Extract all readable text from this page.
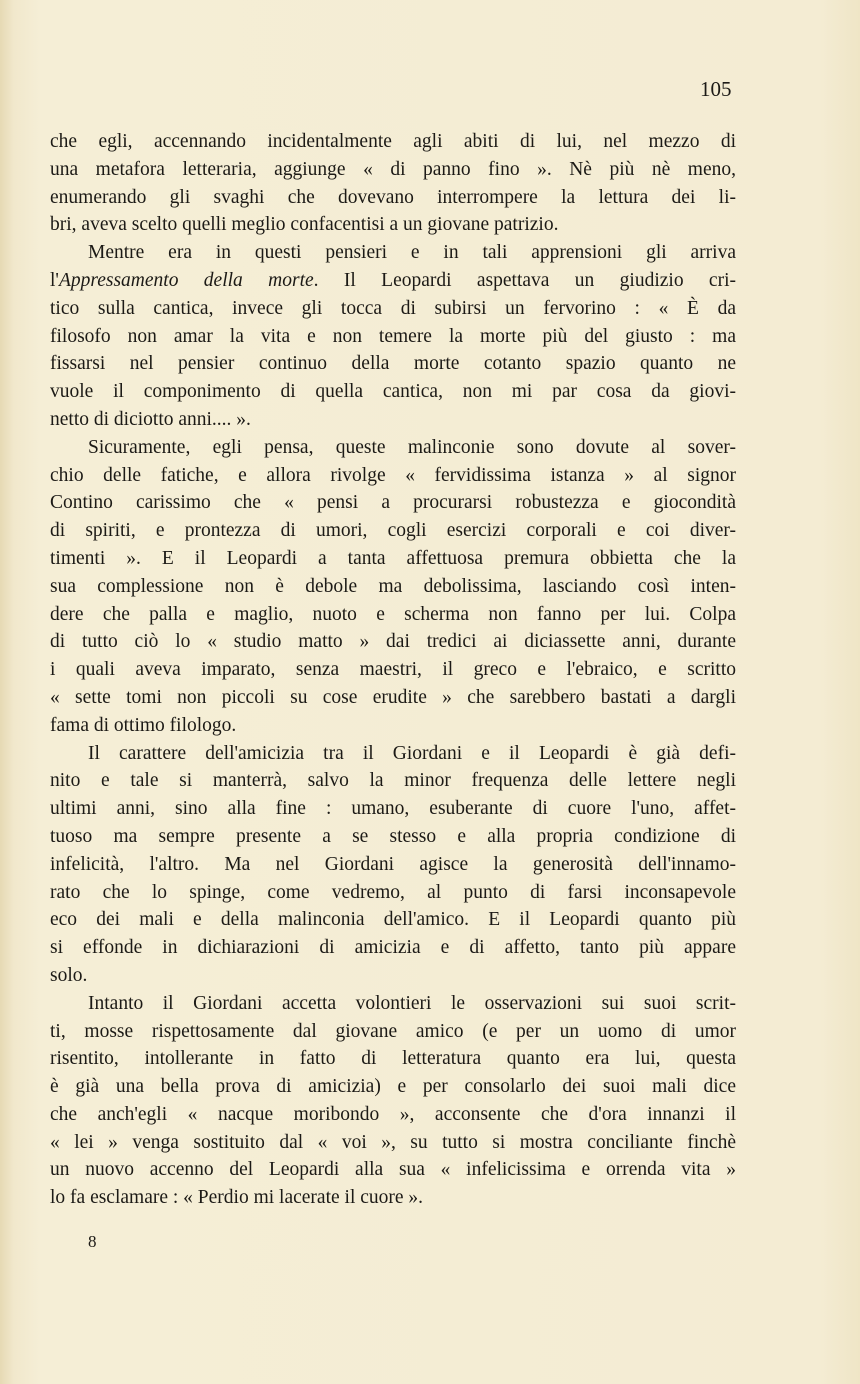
105
che egli, accennando incidentalmente agli abiti di lui, nel mezzo di
una metafora letteraria, aggiunge « di panno fino ». Nè più nè meno,
enumerando gli svaghi che dovevano interrompere la lettura dei li-
bri, aveva scelto quelli meglio confacentisi a un giovane patrizio.
Mentre era in questi pensieri e in tali apprensioni gli arriva
l'Appressamento della morte. Il Leopardi aspettava un giudizio cri-
tico sulla cantica, invece gli tocca di subirsi un fervorino : « È da
filosofo non amar la vita e non temere la morte più del giusto : ma
fissarsi nel pensier continuo della morte cotanto spazio quanto ne
vuole il componimento di quella cantica, non mi par cosa da giovi-
netto di diciotto anni.... ».
Sicuramente, egli pensa, queste malinconie sono dovute al sover-
chio delle fatiche, e allora rivolge « fervidissima istanza » al signor
Contino carissimo che « pensi a procurarsi robustezza e giocondità
di spiriti, e prontezza di umori, cogli esercizi corporali e coi diver-
timenti ». E il Leopardi a tanta affettuosa premura obbietta che la
sua complessione non è debole ma debolissima, lasciando così inten-
dere che palla e maglio, nuoto e scherma non fanno per lui. Colpa
di tutto ciò lo « studio matto » dai tredici ai diciassette anni, durante
i quali aveva imparato, senza maestri, il greco e l'ebraico, e scritto
« sette tomi non piccoli su cose erudite » che sarebbero bastati a dargli
fama di ottimo filologo.
Il carattere dell'amicizia tra il Giordani e il Leopardi è già defi-
nito e tale si manterrà, salvo la minor frequenza delle lettere negli
ultimi anni, sino alla fine : umano, esuberante di cuore l'uno, affet-
tuoso ma sempre presente a se stesso e alla propria condizione di
infelicità, l'altro. Ma nel Giordani agisce la generosità dell'innamo-
rato che lo spinge, come vedremo, al punto di farsi inconsapevole
eco dei mali e della malinconia dell'amico. E il Leopardi quanto più
si effonde in dichiarazioni di amicizia e di affetto, tanto più appare
solo.
Intanto il Giordani accetta volontieri le osservazioni sui suoi scrit-
ti, mosse rispettosamente dal giovane amico (e per un uomo di umor
risentito, intollerante in fatto di letteratura quanto era lui, questa
è già una bella prova di amicizia) e per consolarlo dei suoi mali dice
che anch'egli « nacque moribondo », acconsente che d'ora innanzi il
« lei » venga sostituito dal « voi », su tutto si mostra conciliante finchè
un nuovo accenno del Leopardi alla sua « infelicissima e orrenda vita »
lo fa esclamare : « Perdio mi lacerate il cuore ».
8
